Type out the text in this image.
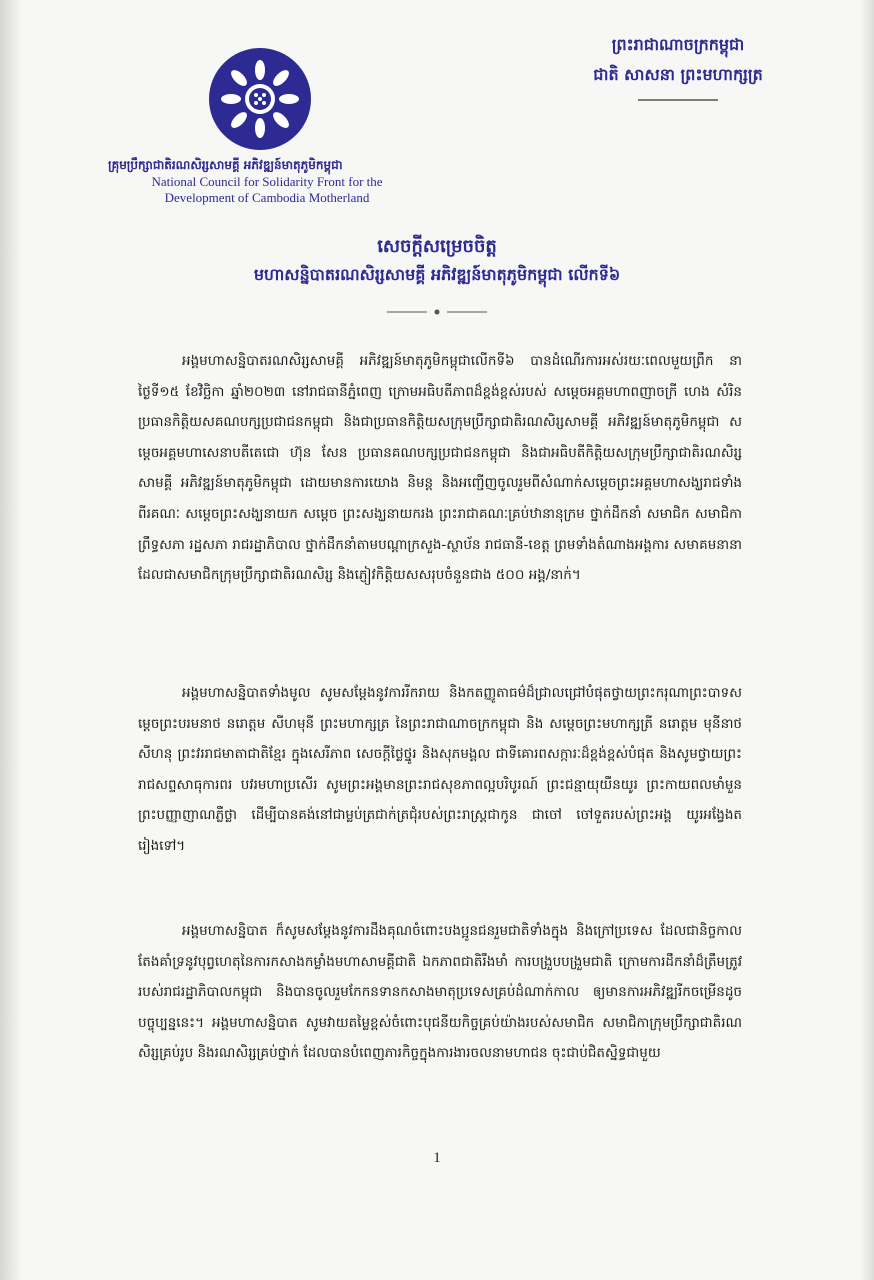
គ្រុមប្រឹក្សាជាតិរណសិរ្សសាមគ្គី អភិវឌ្ឍន៍មាតុភូមិកម្ពុជា
National Council for Solidarity Front for the Development of Cambodia Motherland
ព្រះរាជាណាចក្រកម្ពុជា
ជាតិ សាសនា ព្រះមហាក្សត្រ
សេចក្តីសម្រេចចិត្ត
មហាសន្និបាតរណសិរ្សសាមគ្គី អភិវឌ្ឍន៍មាតុភូមិកម្ពុជា លើកទី៦

អង្គមហាសន្និបាតរណសិរ្សសាមគ្គី អភិវឌ្ឍន៍មាតុភូមិកម្ពុជាលើកទី៦ បានដំណើរការអស់រយៈពេលមួយព្រឹក នាថ្ងៃទី១៥ ខែវិច្ឆិកា ឆ្នាំ២០២៣ នៅរាជធានីភ្នំពេញ ក្រោមអធិបតីភាពដ៏ខ្ពង់ខ្ពស់របស់ សម្តេចអគ្គមហាពញាចក្រី ហេង សំរិន ប្រធានកិត្តិយសគណបក្សប្រជាជនកម្ពុជា និងជាប្រធានកិត្តិយសក្រុមប្រឹក្សាជាតិរណសិរ្សសាមគ្គី អភិវឌ្ឍន៍មាតុភូមិកម្ពុជា សម្តេចអគ្គមហាសេនាបតីតេជោ ហ៊ុន សែន ប្រធានគណបក្សប្រជាជនកម្ពុជា និងជាអធិបតីកិត្តិយសក្រុមប្រឹក្សាជាតិរណសិរ្សសាមគ្គី អភិវឌ្ឍន៍មាតុភូមិកម្ពុជា ដោយមានការយោង និមន្ត និងអញ្ជើញចូលរួមពីសំណាក់សម្តេចព្រះអគ្គមហាសង្ឃរាជទាំងពីរគណៈ សម្តេចព្រះសង្ឃនាយក សម្តេច ព្រះសង្ឃនាយករង ព្រះរាជាគណៈគ្រប់ឋានានុក្រម ថ្នាក់ដឹកនាំ សមាជិក សមាជិកាព្រឹទ្ធសភា រដ្ឋសភា រាជរដ្ឋាភិបាល ថ្នាក់ដឹកនាំតាមបណ្តាក្រសួង-ស្ថាប័ន រាជធានី-ខេត្ត ព្រមទាំងតំណាងអង្គការ សមាគមនានាដែលជាសមាជិកក្រុមប្រឹក្សាជាតិរណសិរ្ស និងភ្ញៀវកិត្តិយសសរុបចំនួនជាង ៥០០ អង្គ/នាក់។

អង្គមហាសន្និបាតទាំងមូល សូមសម្តែងនូវការរីករាយ និងកតញ្ញូតាធម៌ដ៏ជ្រាលជ្រៅបំផុតថ្វាយព្រះករុណាព្រះបាទសម្តេចព្រះបរមនាថ នរោត្តម សីហមុនី ព្រះមហាក្សត្រ នៃព្រះរាជាណាចក្រកម្ពុជា និង សម្តេចព្រះមហាក្សត្រី នរោត្តម មុនីនាថ សីហនុ ព្រះវររាជមាតាជាតិខ្មែរ ក្នុងសេរីភាព សេចក្តីថ្លៃថ្នូរ និងសុភមង្គល ជាទីគោរពសក្ការៈដ៏ខ្ពង់ខ្ពស់បំផុត និងសូមថ្វាយព្រះរាជសព្ទសាធុការពរ បវរមហាប្រសើរ សូមព្រះអង្គមានព្រះរាជសុខភាពល្អបរិបូរណ៍ ព្រះជន្មាយុយឺនយូរ ព្រះកាយពលមាំមួន ព្រះបញ្ញាញាណភ្លឺថ្លា ដើម្បីបានគង់នៅជាម្លប់ត្រជាក់ត្រជុំរបស់ព្រះរាស្ត្រជាកូន ជាចៅ ចៅទួតរបស់ព្រះអង្គ យូរអង្វែងតរៀងទៅ។

អង្គមហាសន្និបាត ក៏សូមសម្តែងនូវការដឹងគុណចំពោះបងប្អូនជនរួមជាតិទាំងក្នុង និងក្រៅប្រទេស ដែលជានិច្ចកាលតែងគាំទ្រនូវបុព្វហេតុនៃការកសាងកម្លាំងមហាសាមគ្គីជាតិ ឯកភាពជាតិរឹងមាំ ការបង្រួបបង្រួមជាតិ ក្រោមការដឹកនាំដ៏ត្រឹមត្រូវរបស់រាជរដ្ឋាភិបាលកម្ពុជា និងបានចូលរួមកែកនទានកសាងមាតុប្រទេសគ្រប់ដំណាក់កាល ឲ្យមានការអភិវឌ្ឍរីកចម្រើនដូចបច្ចុប្បន្ននេះ។ អង្គមហាសន្និបាត សូមវាយតម្លៃខ្ពស់ចំពោះបុជនីយកិច្ចគ្រប់យ៉ាងរបស់សមាជិក សមាជិកាក្រុមប្រឹក្សាជាតិរណសិរ្សគ្រប់រូប និងរណសិរ្សគ្រប់ថ្នាក់ ដែលបានបំពេញភារកិច្ចក្នុងការងារចលនាមហាជន ចុះជាប់ជិតស្និទ្ធជាមួយ

1
